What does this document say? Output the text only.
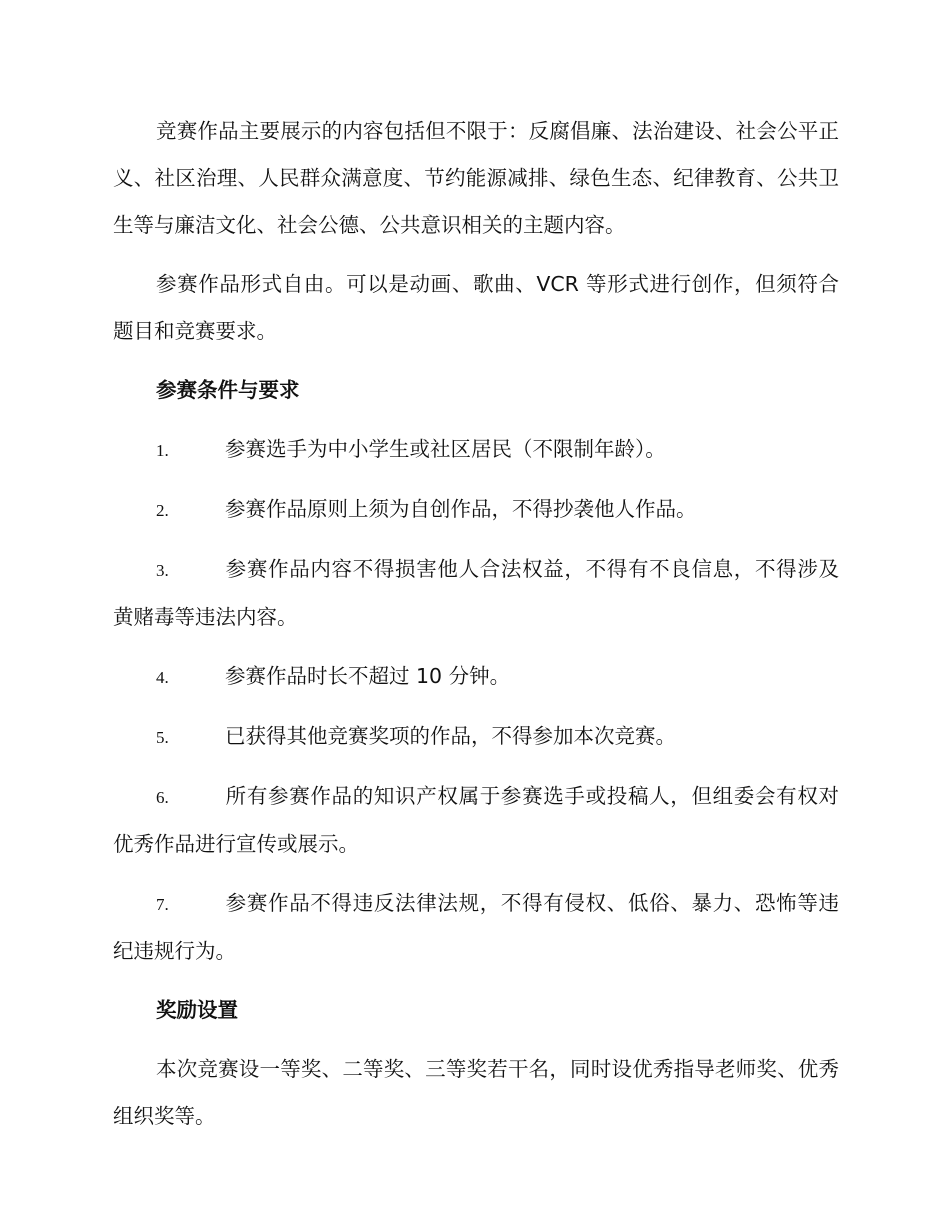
竞赛作品主要展示的内容包括但不限于：反腐倡廉、法治建设、社会公平正义、社区治理、人民群众满意度、节约能源减排、绿色生态、纪律教育、公共卫生等与廉洁文化、社会公德、公共意识相关的主题内容。

参赛作品形式自由。可以是动画、歌曲、VCR 等形式进行创作，但须符合题目和竞赛要求。

参赛条件与要求

1.	参赛选手为中小学生或社区居民（不限制年龄）。

2.	参赛作品原则上须为自创作品，不得抄袭他人作品。

3.	参赛作品内容不得损害他人合法权益，不得有不良信息，不得涉及黄赌毒等违法内容。

4.	参赛作品时长不超过 10 分钟。

5.	已获得其他竞赛奖项的作品，不得参加本次竞赛。

6.	所有参赛作品的知识产权属于参赛选手或投稿人，但组委会有权对优秀作品进行宣传或展示。

7.	参赛作品不得违反法律法规，不得有侵权、低俗、暴力、恐怖等违纪违规行为。

奖励设置

本次竞赛设一等奖、二等奖、三等奖若干名，同时设优秀指导老师奖、优秀组织奖等。
